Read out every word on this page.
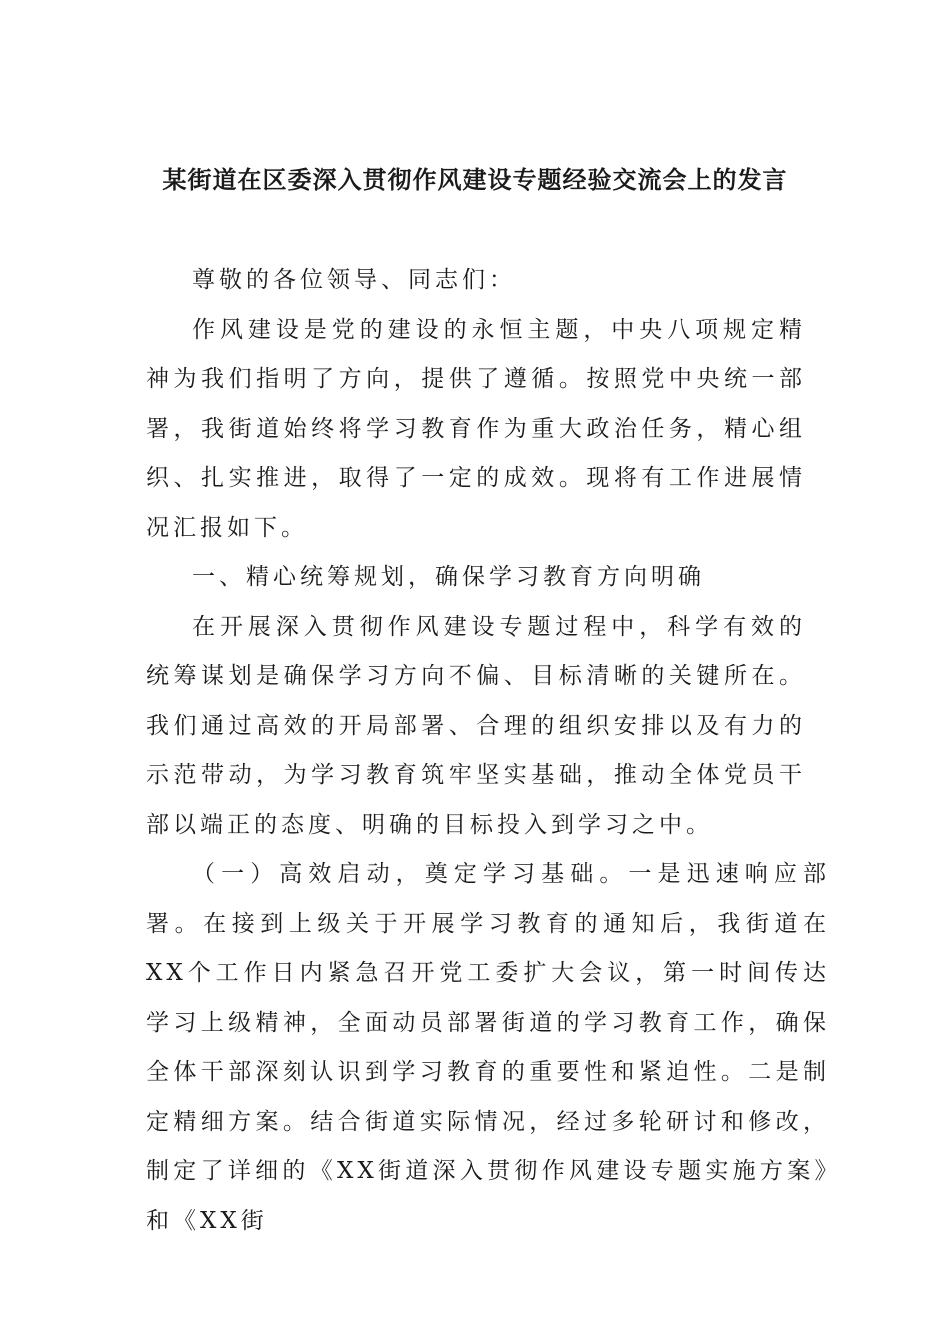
某街道在区委深入贯彻作风建设专题经验交流会上的发言

尊敬的各位领导、同志们：

作风建设是党的建设的永恒主题，中央八项规定精神为我们指明了方向，提供了遵循。按照党中央统一部署，我街道始终将学习教育作为重大政治任务，精心组织、扎实推进，取得了一定的成效。现将有工作进展情况汇报如下。

一、精心统筹规划，确保学习教育方向明确

在开展深入贯彻作风建设专题过程中，科学有效的统筹谋划是确保学习方向不偏、目标清晰的关键所在。我们通过高效的开局部署、合理的组织安排以及有力的示范带动，为学习教育筑牢坚实基础，推动全体党员干部以端正的态度、明确的目标投入到学习之中。

（一）高效启动，奠定学习基础。一是迅速响应部署。在接到上级关于开展学习教育的通知后，我街道在XX个工作日内紧急召开党工委扩大会议，第一时间传达学习上级精神，全面动员部署街道的学习教育工作，确保全体干部深刻认识到学习教育的重要性和紧迫性。二是制定精细方案。结合街道实际情况，经过多轮研讨和修改，制定了详细的《XX街道深入贯彻作风建设专题实施方案》和《XX街
